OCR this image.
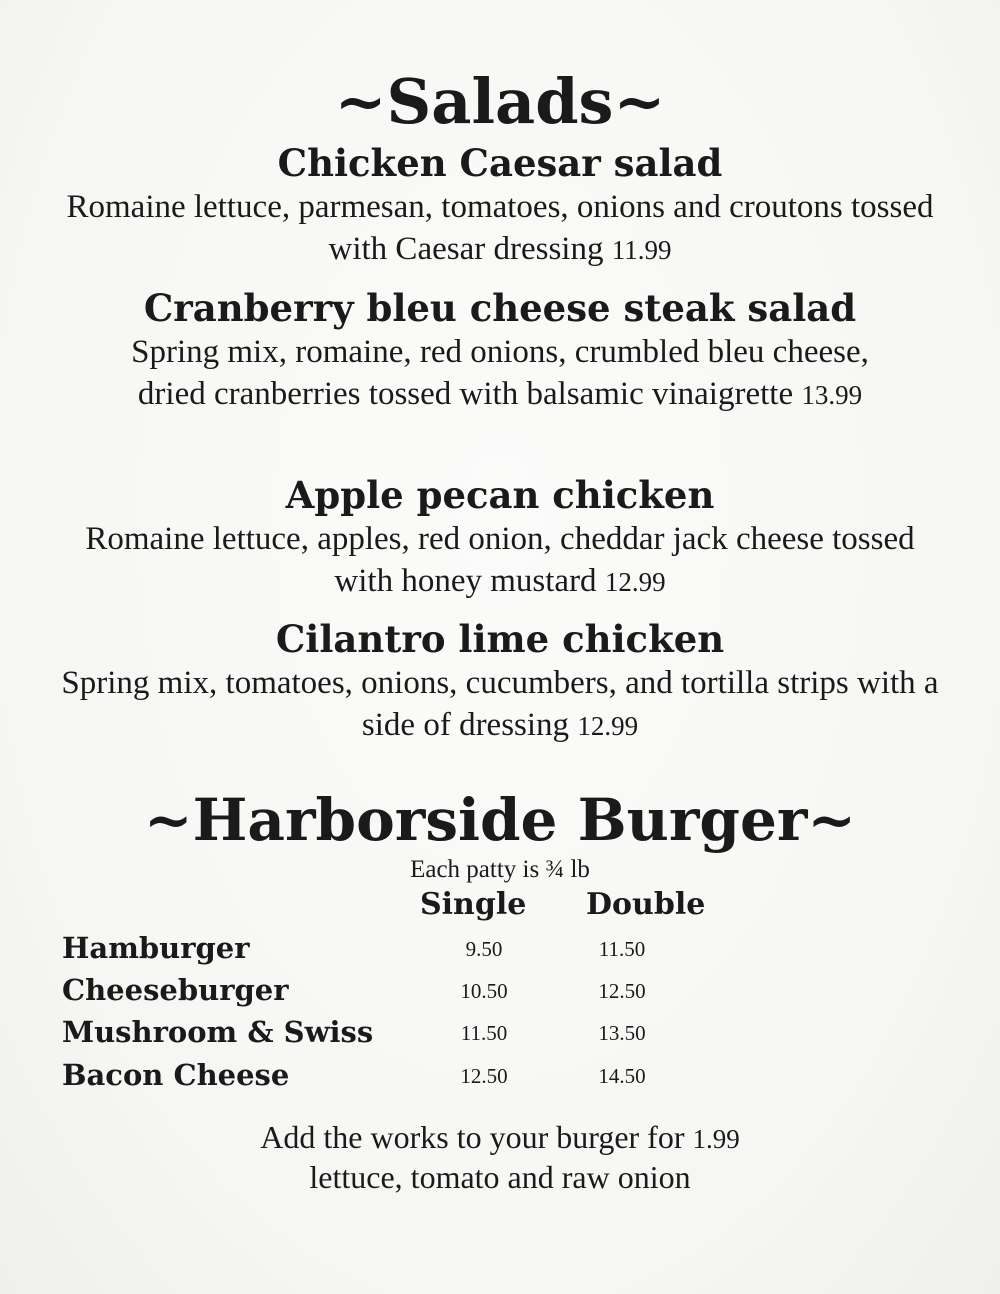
~Salads~

Chicken Caesar salad

Romaine lettuce, parmesan, tomatoes, onions and croutons tossed with Caesar dressing 11.99

Cranberry bleu cheese steak salad

Spring mix, romaine, red onions, crumbled bleu cheese, dried cranberries tossed with balsamic vinaigrette 13.99

Apple pecan chicken

Romaine lettuce, apples, red onion, cheddar jack cheese tossed with honey mustard 12.99

Cilantro lime chicken

Spring mix, tomatoes, onions, cucumbers, and tortilla strips with a side of dressing 12.99

~Harborside Burger~
Each patty is ¾ lb
Single Double
Hamburger	9.50	11.50
Cheeseburger	10.50	12.50
Mushroom & Swiss	11.50	13.50
Bacon Cheese	12.50	14.50
Add the works to your burger for 1.99
lettuce, tomato and raw onion
